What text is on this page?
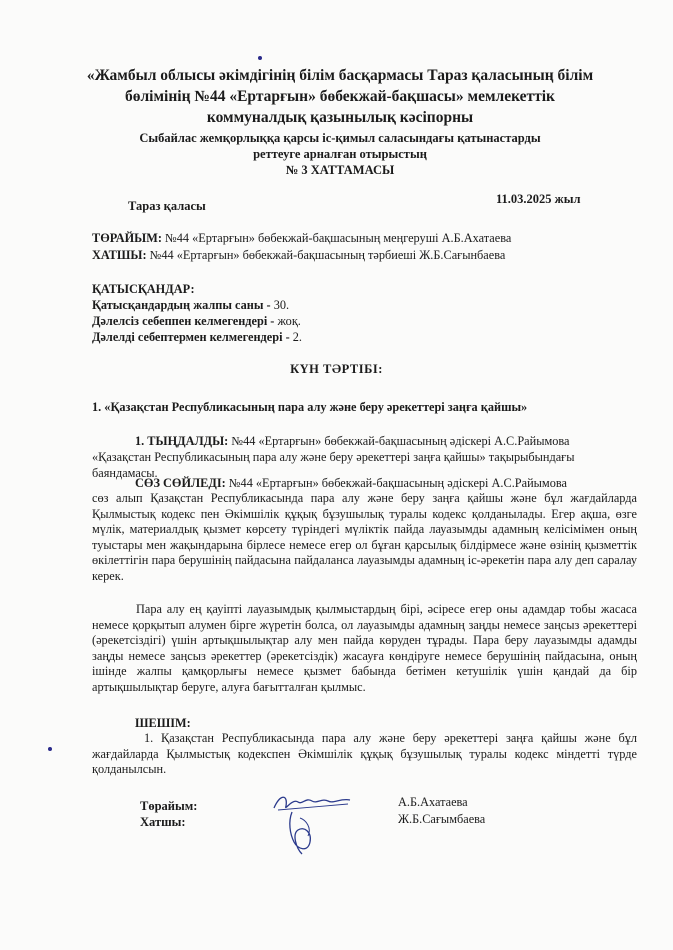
«Жамбыл облысы әкімдігінің білім басқармасы Тараз қаласының білім бөлімінің №44 «Ертарғын» бөбекжай-бақшасы» мемлекеттік коммуналдық қазынылық кәсіпорны
Сыбайлас жемқорлыққа қарсы іс-қимыл саласындағы қатынастарды
реттеуге арналған отырыстың
№ 3 ХАТТАМАСЫ
Тараз қаласы	11.03.2025 жыл
ТӨРАЙЫМ: №44 «Ертарғын» бөбекжай-бақшасының меңгеруші А.Б.Ахатаева
ХАТШЫ: №44 «Ертарғын» бөбекжай-бақшасының тәрбиеші Ж.Б.Сағынбаева
ҚАТЫСҚАНДАР:
Қатысқандардың жалпы саны - 30.
Дәлелсіз себеппен келмегендері - жоқ.
Дәлелді себептермен келмегендері - 2.
КҮН ТӘРТІБІ:
1. «Қазақстан Республикасының пара алу және беру әрекеттері заңға қайшы»
1. ТЫҢДАЛДЫ: №44 «Ертарғын» бөбекжай-бақшасының әдіскері А.С.Райымова
«Қазақстан Республикасының пара алу және беру әрекеттері заңға қайшы» тақырыбындағы
баяндамасы.
СӨЗ СӨЙЛЕДІ: №44 «Ертарғын» бөбекжай-бақшасының әдіскері А.С.Райымова
сөз алып Қазақстан Республикасында пара алу және беру заңға қайшы және бұл жағдайларда Қылмыстық кодекс пен Әкімшілік құқық бұзушылық туралы кодекс қолданылады. Егер ақша, өзге мүлік, материалдық қызмет көрсету түріндегі мүліктік пайда лауазымды адамның келісімімен оның туыстары мен жақындарына бірлесе немесе егер ол бұған қарсылық білдірмесе және өзінің қызметтік өкілеттігін пара берушінің пайдасына пайдаланса лауазымды адамның іс-әрекетін пара алу деп саралау керек.
Пара алу ең қауіпті лауазымдық қылмыстардың бірі, әсіресе егер оны адамдар тобы жасаса немесе қорқытып алумен бірге жүретін болса, ол лауазымды адамның заңды немесе заңсыз әрекеттері (әрекетсіздігі) үшін артықшылықтар алу мен пайда көруден тұрады. Пара беру лауазымды адамды заңды немесе заңсыз әрекеттер (әрекетсіздік) жасауға көндіруге немесе берушінің пайдасына, оның ішінде жалпы қамқорлығы немесе қызмет бабында бетімен кетушілік үшін қандай да бір артықшылықтар беруге, алуға бағытталған қылмыс.
ШЕШІМ:
1. Қазақстан Республикасында пара алу және беру әрекеттері заңға қайшы және бұл жағдайларда Қылмыстық кодекспен Әкімшілік құқық бұзушылық туралы кодекс міндетті түрде қолданылсын.
Төрайым:
Хатшы:
А.Б.Ахатаева
Ж.Б.Сағымбаева
